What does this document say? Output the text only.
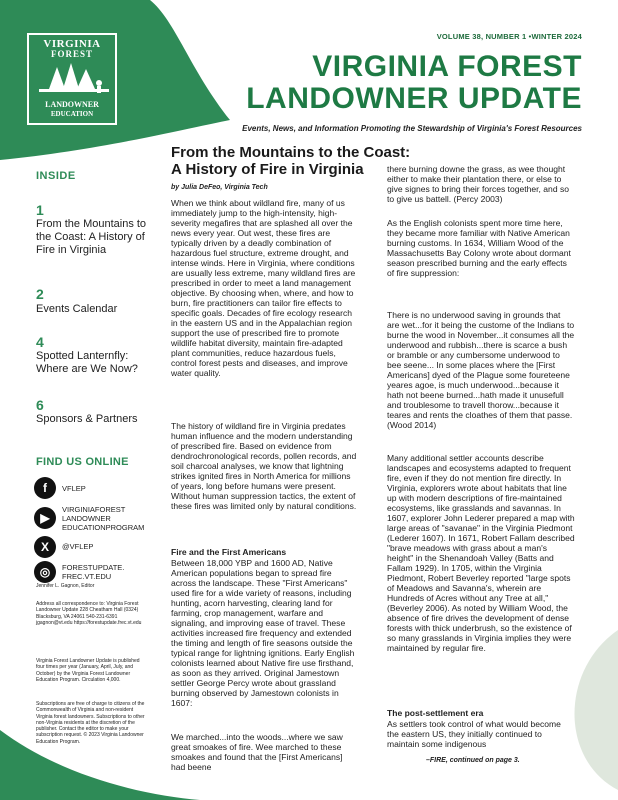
VIRGINIA
FOREST
LANDOWNER
EDUCATION
VOLUME 38, NUMBER 1 •WINTER 2024
VIRGINIA FOREST
LANDOWNER UPDATE
Events, News, and Information Promoting the Stewardship of Virginia's Forest Resources
INSIDE
1
From the Mountains to the Coast: A History of Fire in Virginia
2
Events Calendar
4
Spotted Lanternfly: Where are We Now?
6
Sponsors & Partners
FIND US ONLINE
f	VFLEP
▶
VIRGINIAFOREST LANDOWNER EDUCATIONPROGRAM
X	@VFLEP
◎	FORESTUPDATE. FREC.VT.EDU
Jennifer L. Gagnon, Editor
Address all correspondence to: Virginia Forest Landowner Update 228 Cheatham Hall (0324) Blacksburg, VA 24061 540-231-6391 jgagnon@vt.edu https://forestupdate.frec.vt.edu
Virginia Forest Landowner Update is published four times per year (January, April, July, and October) by the Virginia Forest Landowner Education Program. Circulation 4,000.
Subscriptions are free of charge to citizens of the Commonwealth of Virginia and non-resident Virginia forest landowners. Subscriptions to other non-Virginia residents at the discretion of the publisher. Contact the editor to make your subscription request. © 2023 Virginia Landowner Education Program.
From the Mountains to the Coast: A History of Fire in Virginia
by Julia DeFeo, Virginia Tech
When we think about wildland fire, many of us immediately jump to the high-intensity, high-severity megafires that are splashed all over the news every year. Out west, these fires are typically driven by a deadly combination of hazardous fuel structure, extreme drought, and intense winds. Here in Virginia, where conditions are usually less extreme, many wildland fires are prescribed in order to meet a land management objective. By choosing when, where, and how to burn, fire practitioners can tailor fire effects to specific goals. Decades of fire ecology research in the eastern US and in the Appalachian region support the use of prescribed fire to promote wildlife habitat diversity, maintain fire-adapted plant communities, reduce hazardous fuels, control forest pests and diseases, and improve water quality.
The history of wildland fire in Virginia predates human influence and the modern understanding of prescribed fire. Based on evidence from dendrochronological records, pollen records, and soil charcoal analyses, we know that lightning strikes ignited fires in North America for millions of years, long before humans were present. Without human suppression tactics, the extent of these fires was limited only by natural conditions.
Fire and the First Americans
Between 18,000 YBP and 1600 AD, Native American populations began to spread fire across the landscape. These "First Americans" used fire for a wide variety of reasons, including hunting, acorn harvesting, clearing land for farming, crop management, warfare and signaling, and improving ease of travel. These activities increased fire frequency and extended the timing and length of fire seasons outside the typical range for lightning ignitions. Early English colonists learned about Native fire use firsthand, as soon as they arrived. Original Jamestown settler George Percy wrote about grassland burning observed by Jamestown colonists in 1607:
We marched...into the woods...where we saw great smoakes of fire. Wee marched to these smoakes and found that the [First Americans] had beene
there burning downe the grass, as wee thought either to make their plantation there, or else to give signes to bring their forces together, and so to give us battell. (Percy 2003)
As the English colonists spent more time here, they became more familiar with Native American burning customs. In 1634, William Wood of the Massachusetts Bay Colony wrote about dormant season prescribed burning and the early effects of fire suppression:
There is no underwood saving in grounds that are wet...for it being the custome of the Indians to burne the wood in November...it consumes all the underwood and rubbish...there is scarce a bush or bramble or any cumbersome underwood to bee seene... In some places where the [First Americans] dyed of the Plague some foureteene yeares agoe, is much underwood...because it hath not beene burned...hath made it unusefull and troublesome to travell thorow...because it teares and rents the cloathes of them that passe. (Wood 2014)
Many additional settler accounts describe landscapes and ecosystems adapted to frequent fire, even if they do not mention fire directly. In Virginia, explorers wrote about habitats that line up with modern descriptions of fire-maintained ecosystems, like grasslands and savannas. In 1607, explorer John Lederer prepared a map with large areas of "savanae" in the Virginia Piedmont (Lederer 1607). In 1671, Robert Fallam described "brave meadows with grass about a man's height" in the Shenandoah Valley (Batts and Fallam 1929). In 1705, within the Virginia Piedmont, Robert Beverley reported "large spots of Meadows and Savanna's, wherein are Hundreds of Acres without any Tree at all," (Beverley 2006). As noted by William Wood, the absence of fire drives the development of dense forests with thick underbrush, so the existence of so many grasslands in Virginia implies they were maintained by regular fire.
The post-settlement era
As settlers took control of what would become the eastern US, they initially continued to maintain some indigenous
–FIRE, continued on page 3.
